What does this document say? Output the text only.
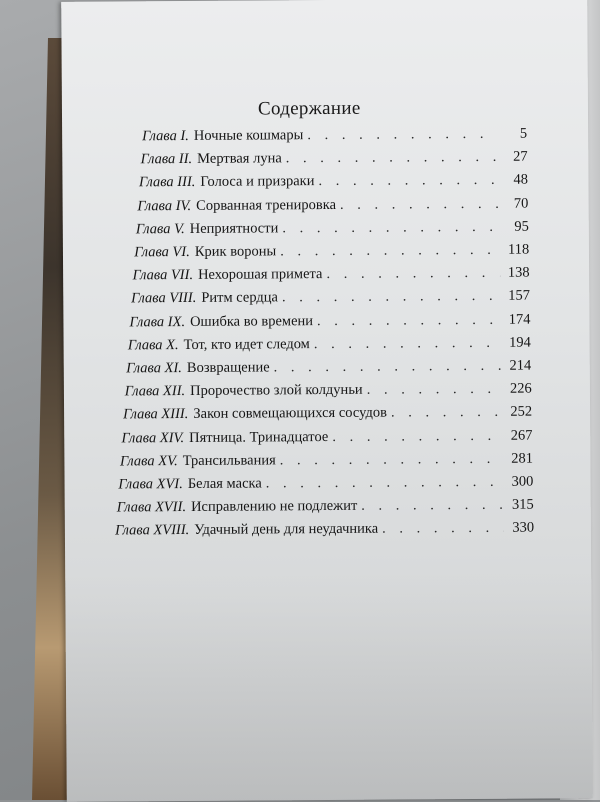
Содержание
Глава I. Ночные кошмары . . .	5
Глава II. Мертвая луна . . .	27
Глава III. Голоса и призраки . . .	48
Глава IV. Сорванная тренировка . . .	70
Глава V. Неприятности . . .	95
Глава VI. Крик вороны . . .	118
Глава VII. Нехорошая примета . . .	138
Глава VIII. Ритм сердца . . .	157
Глава IX. Ошибка во времени . . .	174
Глава X. Тот, кто идет следом . . .	194
Глава XI. Возвращение . . .	214
Глава XII. Пророчество злой колдуньи . . .	226
Глава XIII. Закон совмещающихся сосудов . . .	252
Глава XIV. Пятница. Тринадцатое . . .	267
Глава XV. Трансильвания . . .	281
Глава XVI. Белая маска . . .	300
Глава XVII. Исправлению не подлежит . . .	315
Глава XVIII. Удачный день для неудачника . . .	330
